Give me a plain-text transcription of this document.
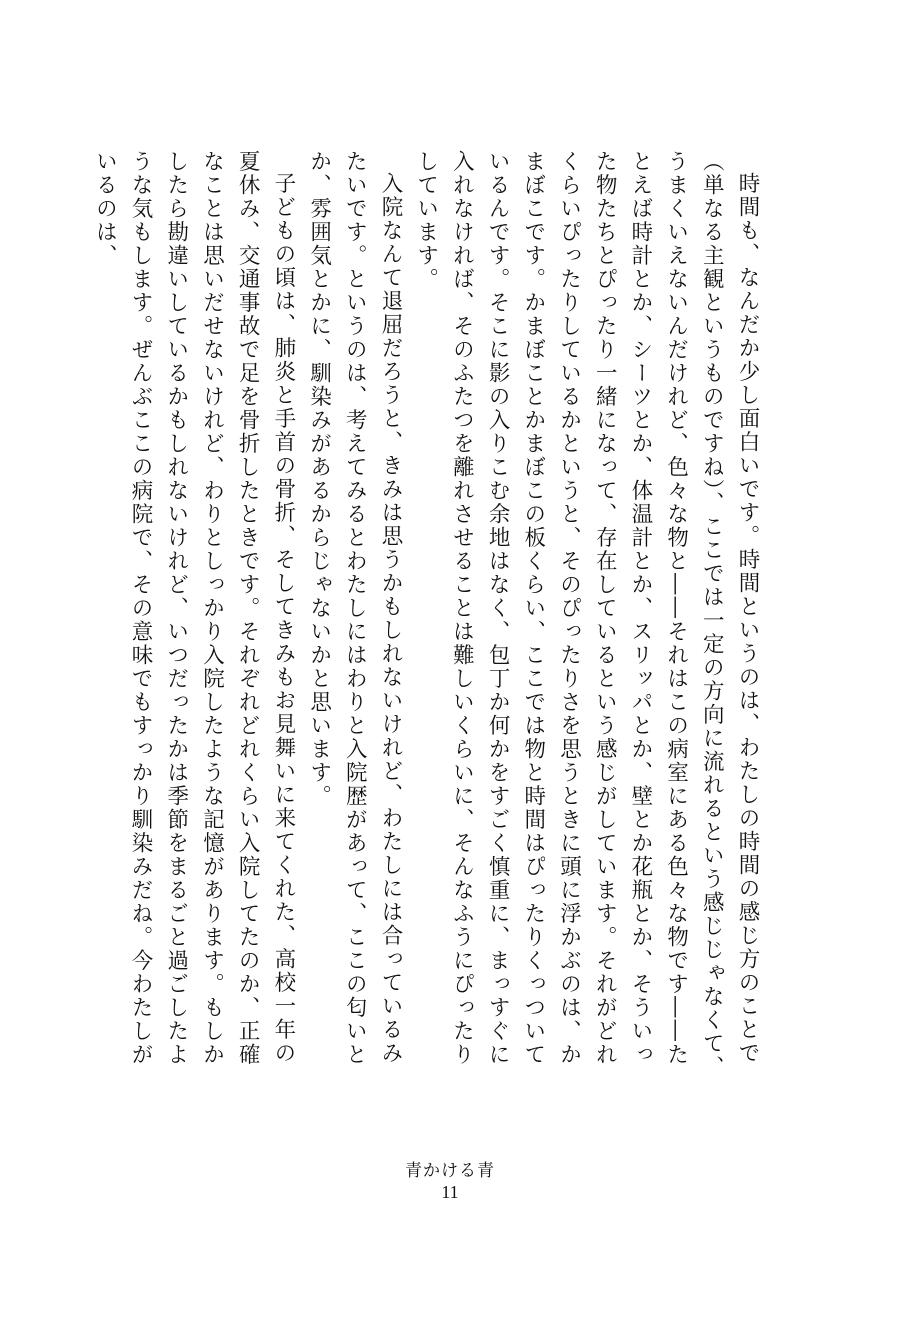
時間も、なんだか少し面白いです。時間というのは、わたしの時間の感じ方のことで（単なる主観というものですね）、ここでは一定の方向に流れるという感じじゃなくて、うまくいえないんだけれど、色々な物と――それはこの病室にある色々な物です――たとえば時計とか、シーツとか、体温計とか、スリッパとか、壁とか花瓶とか、そういった物たちとぴったり一緒になって、存在しているという感じがしています。それがどれくらいぴったりしているかというと、そのぴったりさを思うときに頭に浮かぶのは、かまぼこです。かまぼことかまぼこの板くらい、ここでは物と時間はぴったりくっついているんです。そこに影の入りこむ余地はなく、包丁か何かをすごく慎重に、まっすぐに入れなければ、そのふたつを離れさせることは難しいくらいに、そんなふうにぴったりしています。

入院なんて退屈だろうと、きみは思うかもしれないけれど、わたしには合っているみたいです。というのは、考えてみるとわたしにはわりと入院歴があって、ここの匂いとか、雰囲気とかに、馴染みがあるからじゃないかと思います。

子どもの頃は、肺炎と手首の骨折、そしてきみもお見舞いに来てくれた、高校一年の夏休み、交通事故で足を骨折したときです。それぞれどれくらい入院してたのか、正確なことは思いだせないけれど、わりとしっかり入院したような記憶があります。もしかしたら勘違いしているかもしれないけれど、いつだったかは季節をまるごと過ごしたような気もします。ぜんぶここの病院で、その意味でもすっかり馴染みだね。今わたしがいるのは、

青かける青
11
